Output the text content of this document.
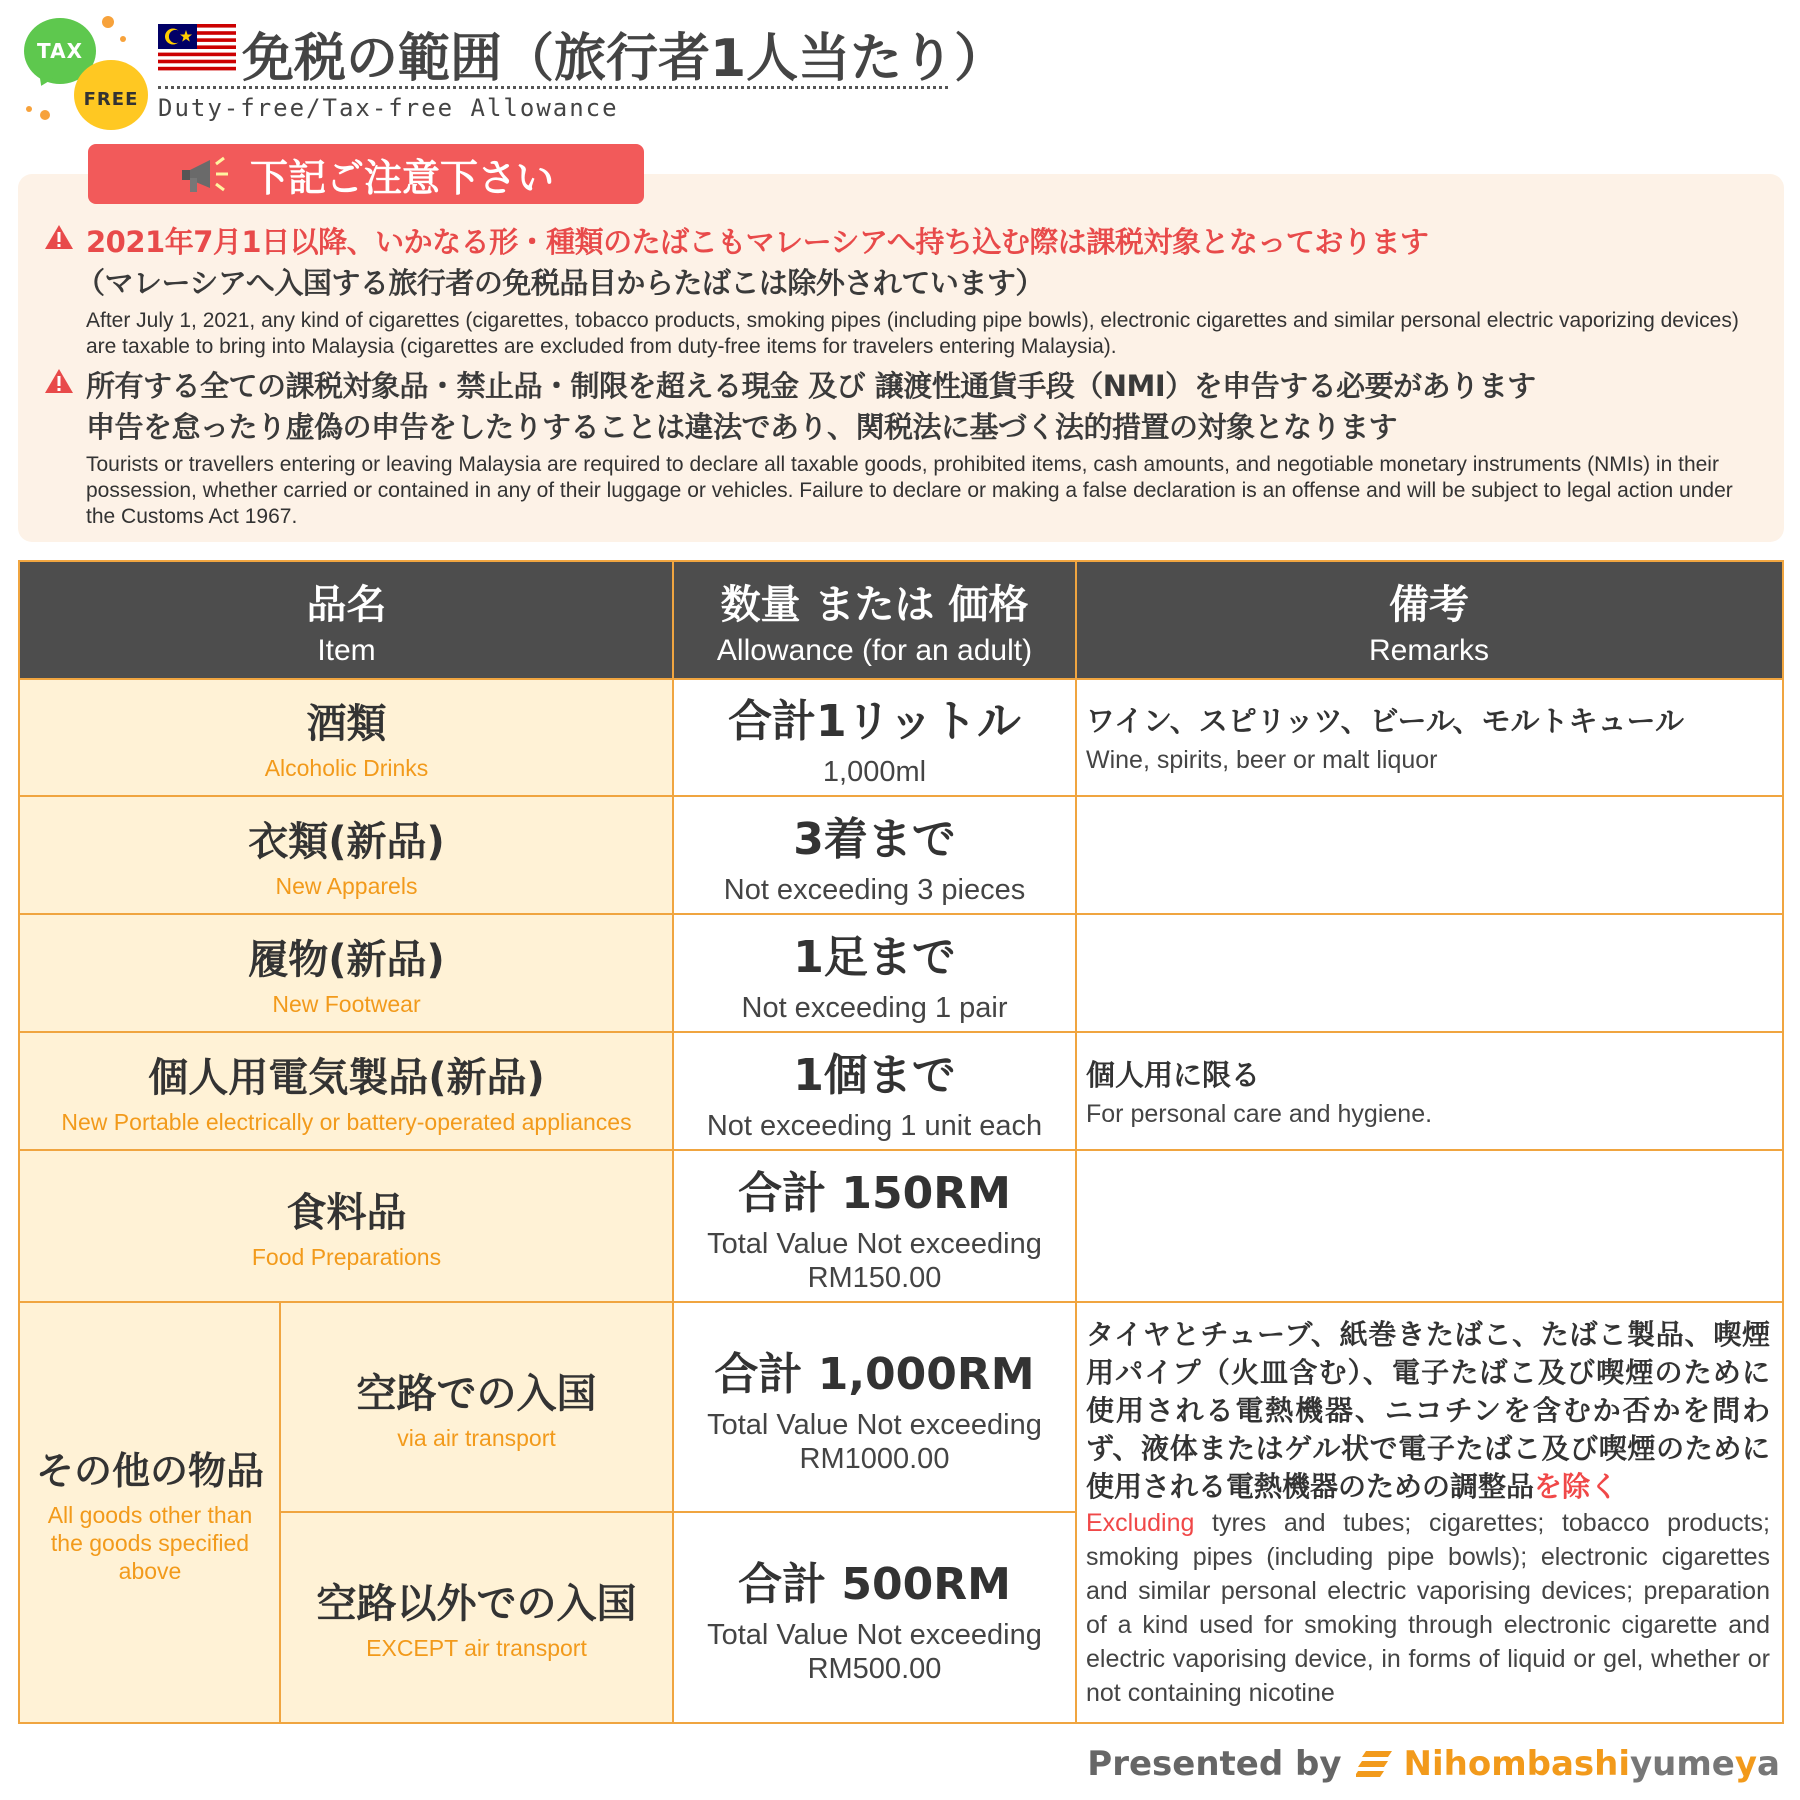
TAX
FREE
免税の範囲（旅行者1人当たり）
Duty-free/Tax-free Allowance
下記ご注意下さい
2021年7月1日以降、いかなる形・種類のたばこもマレーシアへ持ち込む際は課税対象となっております
（マレーシアへ入国する旅行者の免税品目からたばこは除外されています）
After July 1, 2021, any kind of cigarettes (cigarettes, tobacco products, smoking pipes (including pipe bowls), electronic cigarettes and similar personal electric vaporizing devices) are taxable to bring into Malaysia (cigarettes are excluded from duty-free items for travelers entering Malaysia).
所有する全ての課税対象品・禁止品・制限を超える現金 及び 譲渡性通貨手段（NMI）を申告する必要があります
申告を怠ったり虚偽の申告をしたりすることは違法であり、関税法に基づく法的措置の対象となります
Tourists or travellers entering or leaving Malaysia are required to declare all taxable goods, prohibited items, cash amounts, and negotiable monetary instruments (NMIs) in their possession, whether carried or contained in any of their luggage or vehicles. Failure to declare or making a false declaration is an offense and will be subject to legal action under the Customs Act 1967.
品名
Item
数量 または 価格
Allowance (for an adult)
備考
Remarks
酒類
Alcoholic Drinks
合計1リットル
1,000ml
ワイン、スピリッツ、ビール、モルトキュール
Wine, spirits, beer or malt liquor
衣類(新品)
New Apparels
3着まで
Not exceeding 3 pieces
履物(新品)
New Footwear
1足まで
Not exceeding 1 pair
個人用電気製品(新品)
New Portable electrically or battery-operated appliances
1個まで
Not exceeding 1 unit each
個人用に限る
For personal care and hygiene.
食料品
Food Preparations
合計 150RM
Total Value Not exceeding
RM150.00
その他の物品
All goods other than
the goods specified
above
空路での入国
via air transport
空路以外での入国
EXCEPT air transport
合計 1,000RM
Total Value Not exceeding
RM1000.00
合計 500RM
Total Value Not exceeding
RM500.00
タイヤとチューブ、紙巻きたばこ、たばこ製品、喫煙用パイプ（火皿含む）、電子たばこ及び喫煙のために使用される電熱機器、ニコチンを含むか否かを問わず、液体またはゲル状で電子たばこ及び喫煙のために使用される電熱機器のための調整品を除く
Excluding tyres and tubes; cigarettes; tobacco products; smoking pipes (including pipe bowls); electronic cigarettes and similar personal electric vaporising devices; preparation of a kind used for smoking through electronic cigarette and electric vaporising device, in forms of liquid or gel, whether or not containing nicotine
Presented by Nihombashiyumeya
